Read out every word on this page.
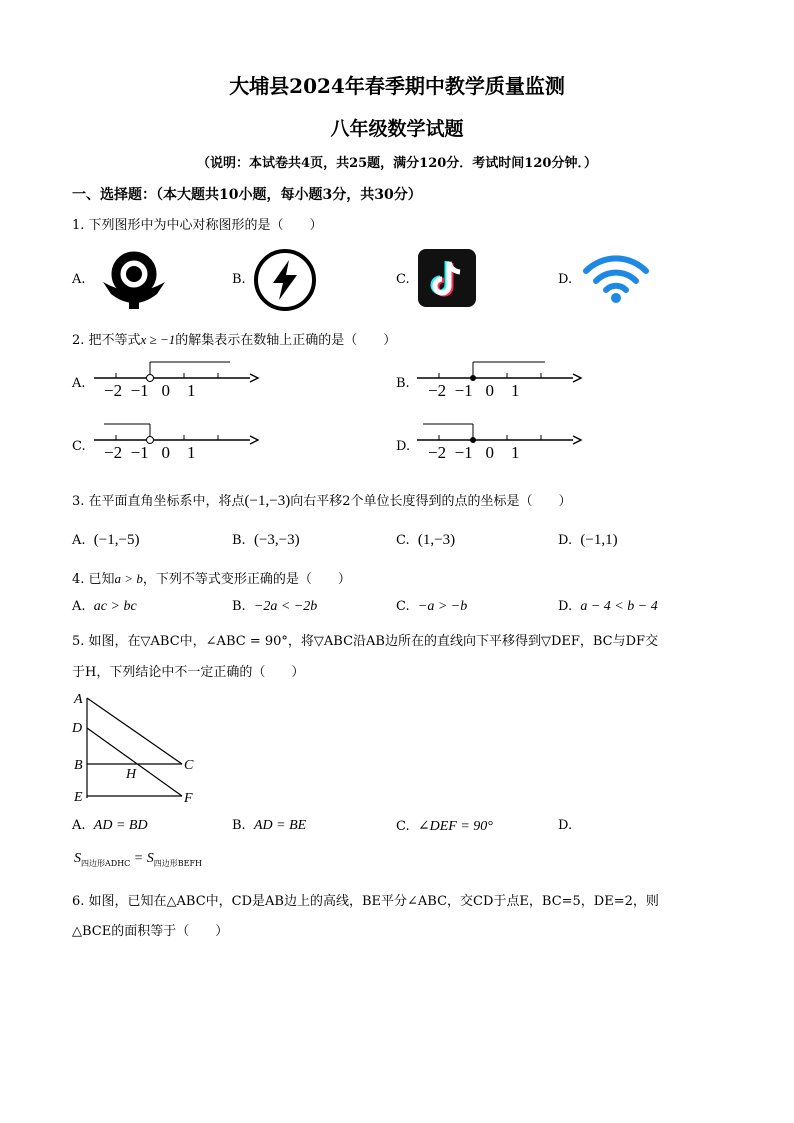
大埔县2024年春季期中教学质量监测
八年级数学试题
（说明：本试卷共4页，共25题，满分120分．考试时间120分钟．）
一、选择题：（本大题共10小题，每小题3分，共30分）
1. 下列图形中为中心对称图形的是（　　）
A.	B.	C.	D.
2. 把不等式x ≥ −1的解集表示在数轴上正确的是（　　）
A. −2 −1 0 1	B. −2 −1 0 1
C. −2 −1 0 1	D. −2 −1 0 1
3. 在平面直角坐标系中，将点(−1,−3)向右平移2个单位长度得到的点的坐标是（　　）
A. (−1,−5)	B. (−3,−3)	C. (1,−3)	D. (−1,1)
4. 已知a > b，下列不等式变形正确的是（　　）
A. ac > bc	B. −2a < −2b	C. −a > −b	D. a − 4 < b − 4
5. 如图，在▽ABC中，∠ABC = 90°，将▽ABC沿AB边所在的直线向下平移得到▽DEF，BC与DF交
于H，下列结论中不一定正确的（　　）
A
D
B
E
C
F
H
A. AD = BD	B. AD = BE	C. ∠DEF = 90°	D.
$S_{四边形ADHC} = S_{四边形BEFH}$
6. 如图，已知在△ABC中，CD是AB边上的高线，BE平分∠ABC，交CD于点E，BC=5，DE=2，则
△BCE的面积等于（　　）
